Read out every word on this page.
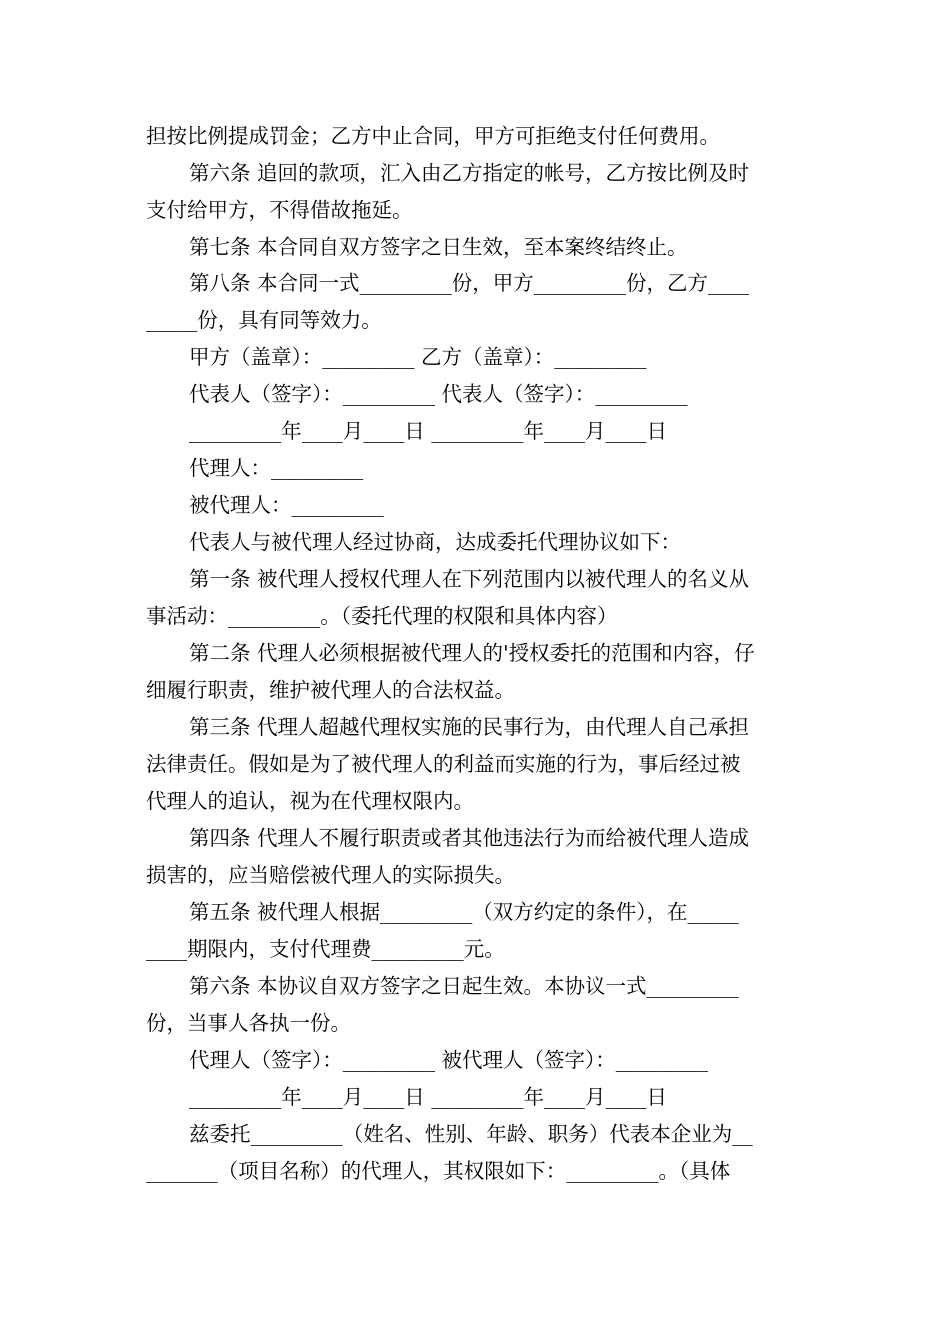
担按比例提成罚金；乙方中止合同，甲方可拒绝支付任何费用。
第六条 追回的款项，汇入由乙方指定的帐号，乙方按比例及时
支付给甲方，不得借故拖延。
第七条 本合同自双方签字之日生效，至本案终结终止。
第八条 本合同一式_________份，甲方_________份，乙方____
_____份，具有同等效力。
甲方（盖章）：_________ 乙方（盖章）：_________
代表人（签字）：_________ 代表人（签字）：_________
_________年____月____日 _________年____月____日
代理人：_________
被代理人：_________
代表人与被代理人经过协商，达成委托代理协议如下：
第一条 被代理人授权代理人在下列范围内以被代理人的名义从
事活动：_________。（委托代理的权限和具体内容）
第二条 代理人必须根据被代理人的'授权委托的范围和内容，仔
细履行职责，维护被代理人的合法权益。
第三条 代理人超越代理权实施的民事行为，由代理人自己承担
法律责任。假如是为了被代理人的利益而实施的行为，事后经过被
代理人的追认，视为在代理权限内。
第四条 代理人不履行职责或者其他违法行为而给被代理人造成
损害的，应当赔偿被代理人的实际损失。
第五条 被代理人根据_________（双方约定的条件），在_____
____期限内，支付代理费_________元。
第六条 本协议自双方签字之日起生效。本协议一式_________
份，当事人各执一份。
代理人（签字）：_________ 被代理人（签字）：_________
_________年____月____日 _________年____月____日
兹委托_________（姓名、性别、年龄、职务）代表本企业为__
_______（项目名称）的代理人，其权限如下：_________。（具体
